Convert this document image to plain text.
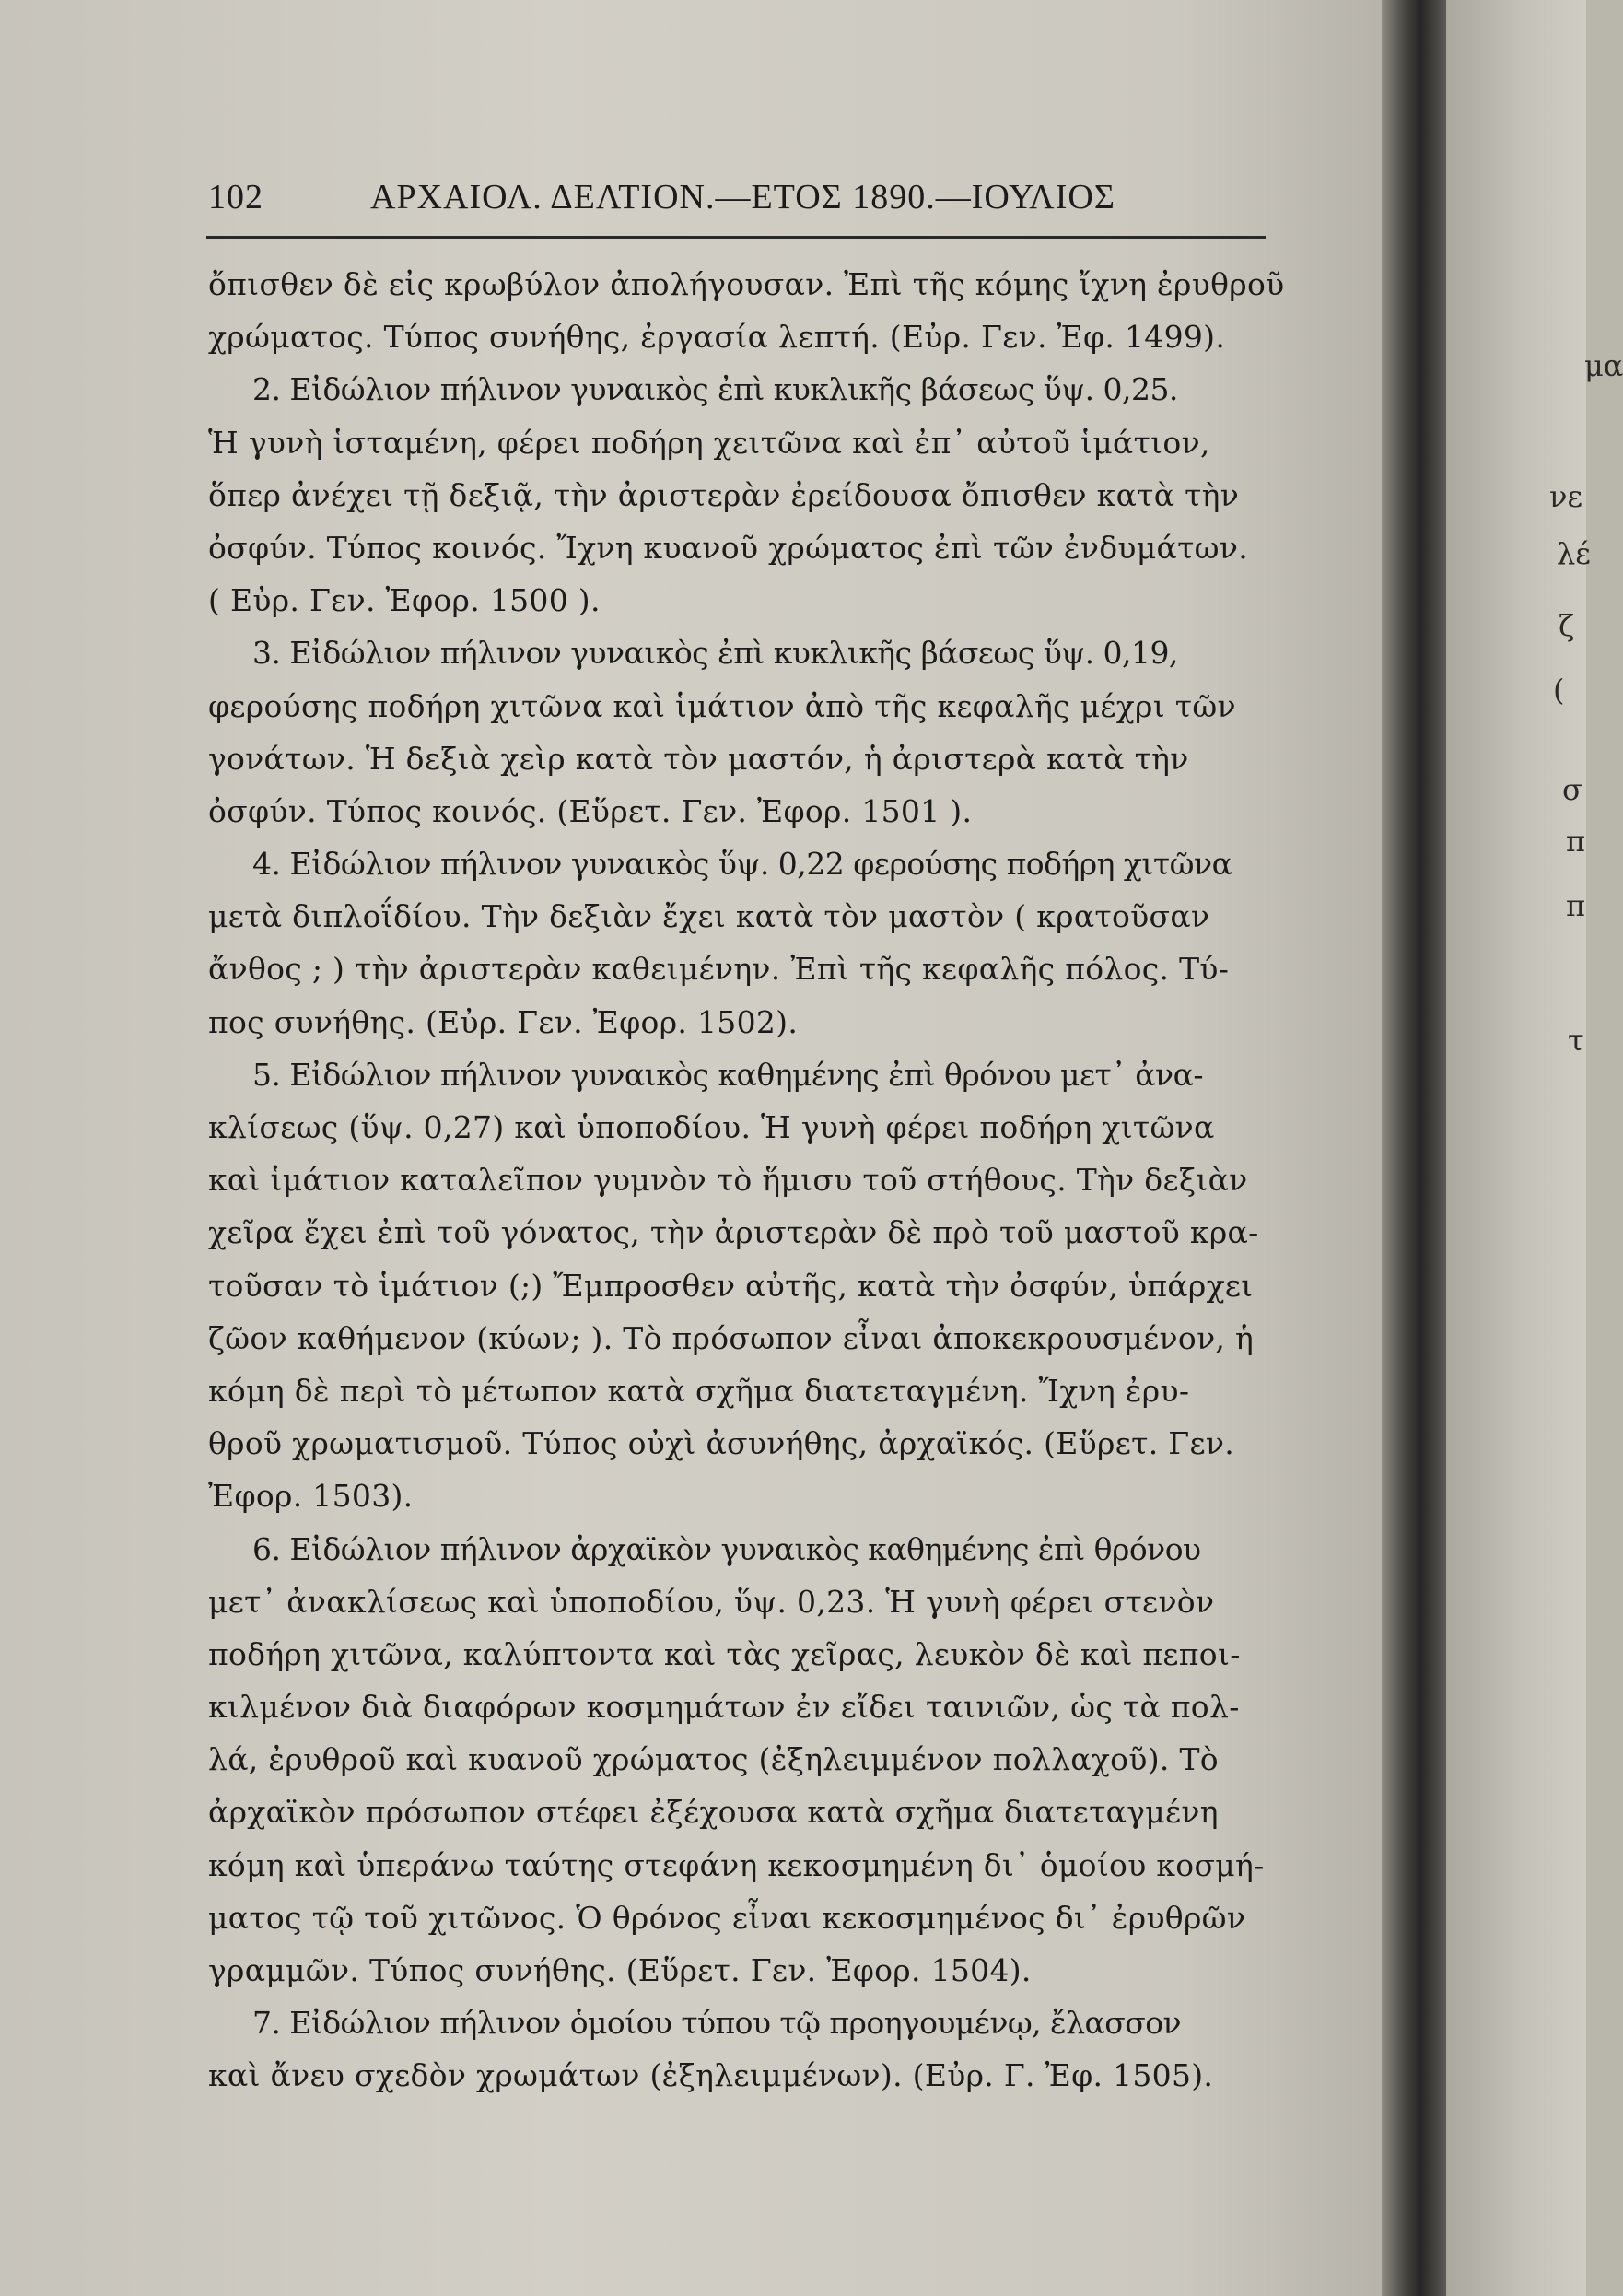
102	ΑΡΧΑΙΟΛ. ΔΕΛΤΙΟΝ.—ΕΤΟΣ 1890.—ΙΟΥΛΙΟΣ
ὄπισθεν δὲ εἰς κρωβύλον ἀπολήγουσαν. Ἐπὶ τῆς κόμης ἴχνη ἐρυθροῦ
χρώματος. Τύπος συνήθης, ἐργασία λεπτή. (Εὐρ. Γεν. Ἐφ. 1499).
2. Εἰδώλιον πήλινον γυναικὸς ἐπὶ κυκλικῆς βάσεως ὕψ. 0,25.
Ἡ γυνὴ ἱσταμένη, φέρει ποδήρη χειτῶνα καὶ ἐπ᾽ αὐτοῦ ἱμάτιον,
ὅπερ ἀνέχει τῇ δεξιᾷ, τὴν ἀριστερὰν ἐρείδουσα ὄπισθεν κατὰ τὴν
ὀσφύν. Τύπος κοινός. Ἴχνη κυανοῦ χρώματος ἐπὶ τῶν ἐνδυμάτων.
( Εὐρ. Γεν. Ἐφορ. 1500 ).
3. Εἰδώλιον πήλινον γυναικὸς ἐπὶ κυκλικῆς βάσεως ὕψ. 0,19,
φερούσης ποδήρη χιτῶνα καὶ ἱμάτιον ἀπὸ τῆς κεφαλῆς μέχρι τῶν
γονάτων. Ἡ δεξιὰ χεὶρ κατὰ τὸν μαστόν, ἡ ἀριστερὰ κατὰ τὴν
ὀσφύν. Τύπος κοινός. (Εὕρετ. Γεν. Ἐφορ. 1501 ).
4. Εἰδώλιον πήλινον γυναικὸς ὕψ. 0,22 φερούσης ποδήρη χιτῶνα
μετὰ διπλοΐδίου. Τὴν δεξιὰν ἔχει κατὰ τὸν μαστὸν ( κρατοῦσαν
ἄνθος ; ) τὴν ἀριστερὰν καθειμένην. Ἐπὶ τῆς κεφαλῆς πόλος. Τύ-
πος συνήθης. (Εὐρ. Γεν. Ἐφορ. 1502).
5. Εἰδώλιον πήλινον γυναικὸς καθημένης ἐπὶ θρόνου μετ᾽ ἀνα-
κλίσεως (ὕψ. 0,27) καὶ ὑποποδίου. Ἡ γυνὴ φέρει ποδήρη χιτῶνα
καὶ ἱμάτιον καταλεῖπον γυμνὸν τὸ ἥμισυ τοῦ στήθους. Τὴν δεξιὰν
χεῖρα ἔχει ἐπὶ τοῦ γόνατος, τὴν ἀριστερὰν δὲ πρὸ τοῦ μαστοῦ κρα-
τοῦσαν τὸ ἱμάτιον (;) Ἔμπροσθεν αὐτῆς, κατὰ τὴν ὀσφύν, ὑπάρχει
ζῶον καθήμενον (κύων; ). Τὸ πρόσωπον εἶναι ἀποκεκρουσμένον, ἡ
κόμη δὲ περὶ τὸ μέτωπον κατὰ σχῆμα διατεταγμένη. Ἴχνη ἐρυ-
θροῦ χρωματισμοῦ. Τύπος οὐχὶ ἀσυνήθης, ἀρχαϊκός. (Εὕρετ. Γεν.
Ἐφορ. 1503).
6. Εἰδώλιον πήλινον ἀρχαϊκὸν γυναικὸς καθημένης ἐπὶ θρόνου
μετ᾽ ἀνακλίσεως καὶ ὑποποδίου, ὕψ. 0,23. Ἡ γυνὴ φέρει στενὸν
ποδήρη χιτῶνα, καλύπτοντα καὶ τὰς χεῖρας, λευκὸν δὲ καὶ πεποι-
κιλμένον διὰ διαφόρων κοσμημάτων ἐν εἴδει ταινιῶν, ὡς τὰ πολ-
λά, ἐρυθροῦ καὶ κυανοῦ χρώματος (ἐξηλειμμένον πολλαχοῦ). Τὸ
ἀρχαϊκὸν πρόσωπον στέφει ἐξέχουσα κατὰ σχῆμα διατεταγμένη
κόμη καὶ ὑπεράνω ταύτης στεφάνη κεκοσμημένη δι᾽ ὁμοίου κοσμή-
ματος τῷ τοῦ χιτῶνος. Ὁ θρόνος εἶναι κεκοσμημένος δι᾽ ἐρυθρῶν
γραμμῶν. Τύπος συνήθης. (Εὕρετ. Γεν. Ἐφορ. 1504).
7. Εἰδώλιον πήλινον ὁμοίου τύπου τῷ προηγουμένῳ, ἔλασσον
καὶ ἄνευ σχεδὸν χρωμάτων (ἐξηλειμμένων). (Εὐρ. Γ. Ἐφ. 1505).
μα
νε
λέ
ζ
(
σ
π
π
τ
